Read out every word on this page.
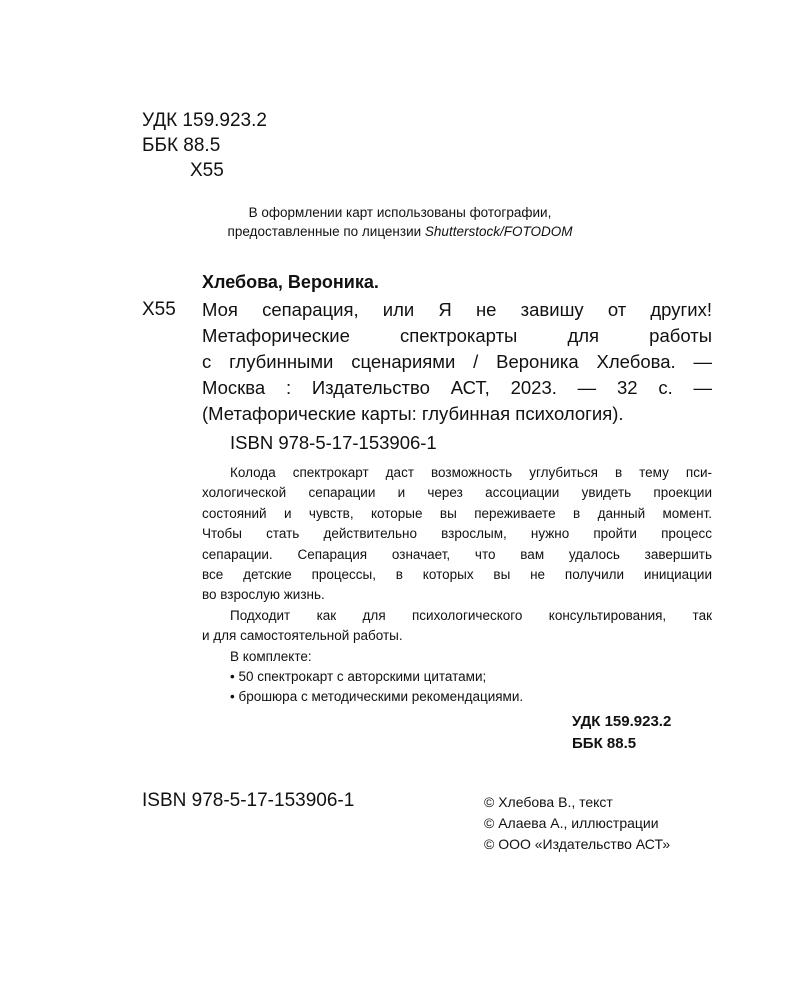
УДК 159.923.2
ББК 88.5
Х55
В оформлении карт использованы фотографии,
предоставленные по лицензии Shutterstock/FOTODOM
Хлебова, Вероника.
Х55 Моя сепарация, или Я не завишу от других!
Метафорические спектрокарты для работы
с глубинными сценариями / Вероника Хлебова. —
Москва : Издательство АСТ, 2023. — 32 с. —
(Метафорические карты: глубинная психология).
ISBN 978-5-17-153906-1
Колода спектрокарт даст возможность углубиться в тему пси-
хологической сепарации и через ассоциации увидеть проекции
состояний и чувств, которые вы переживаете в данный момент.
Чтобы стать действительно взрослым, нужно пройти процесс
сепарации. Сепарация означает, что вам удалось завершить
все детские процессы, в которых вы не получили инициации
во взрослую жизнь.
Подходит как для психологического консультирования, так
и для самостоятельной работы.
В комплекте:
• 50 спектрокарт с авторскими цитатами;
• брошюра с методическими рекомендациями.
УДК 159.923.2
ББК 88.5
ISBN 978-5-17-153906-1	© Хлебова В., текст
© Алаева А., иллюстрации
© ООО «Издательство АСТ»
